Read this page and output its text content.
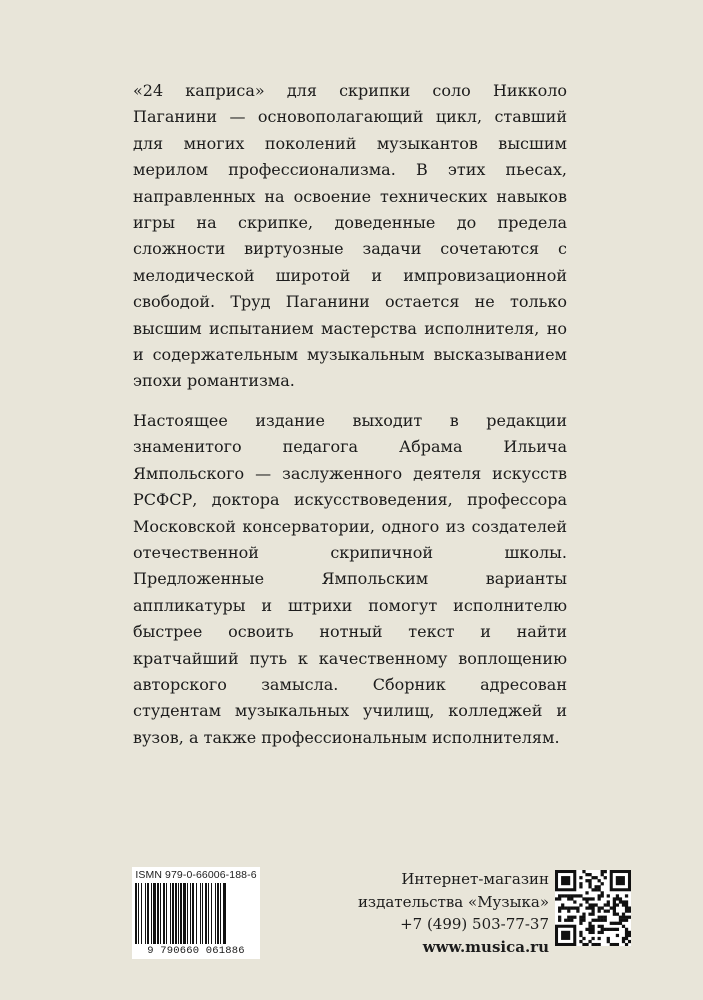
«24 каприса» для скрипки соло Никколо Паганини — основополагающий цикл, ставший для многих поколений музыкантов высшим мерилом профессионализма. В этих пьесах, направленных на освоение технических навыков игры на скрипке, доведенные до предела сложности виртуозные задачи сочетаются с мелодической широтой и импровизационной свободой. Труд Паганини остается не только высшим испытанием мастерства исполнителя, но и содержательным музыкальным высказыванием эпохи романтизма.

Настоящее издание выходит в редакции знаменитого педагога Абрама Ильича Ямпольского — заслуженного деятеля искусств РСФСР, доктора искусствоведения, профессора Московской консерватории, одного из создателей отечественной скрипичной школы. Предложенные Ямпольским варианты аппликатуры и штрихи помогут исполнителю быстрее освоить нотный текст и найти кратчайший путь к качественному воплощению авторского замысла. Сборник адресован студентам музыкальных училищ, колледжей и вузов, а также профессиональным исполнителям.

ISMN 979-0-66006-188-6
9 790660 061886
Интернет-магазин
издательства «Музыка»
+7 (499) 503-77-37
www.musica.ru
